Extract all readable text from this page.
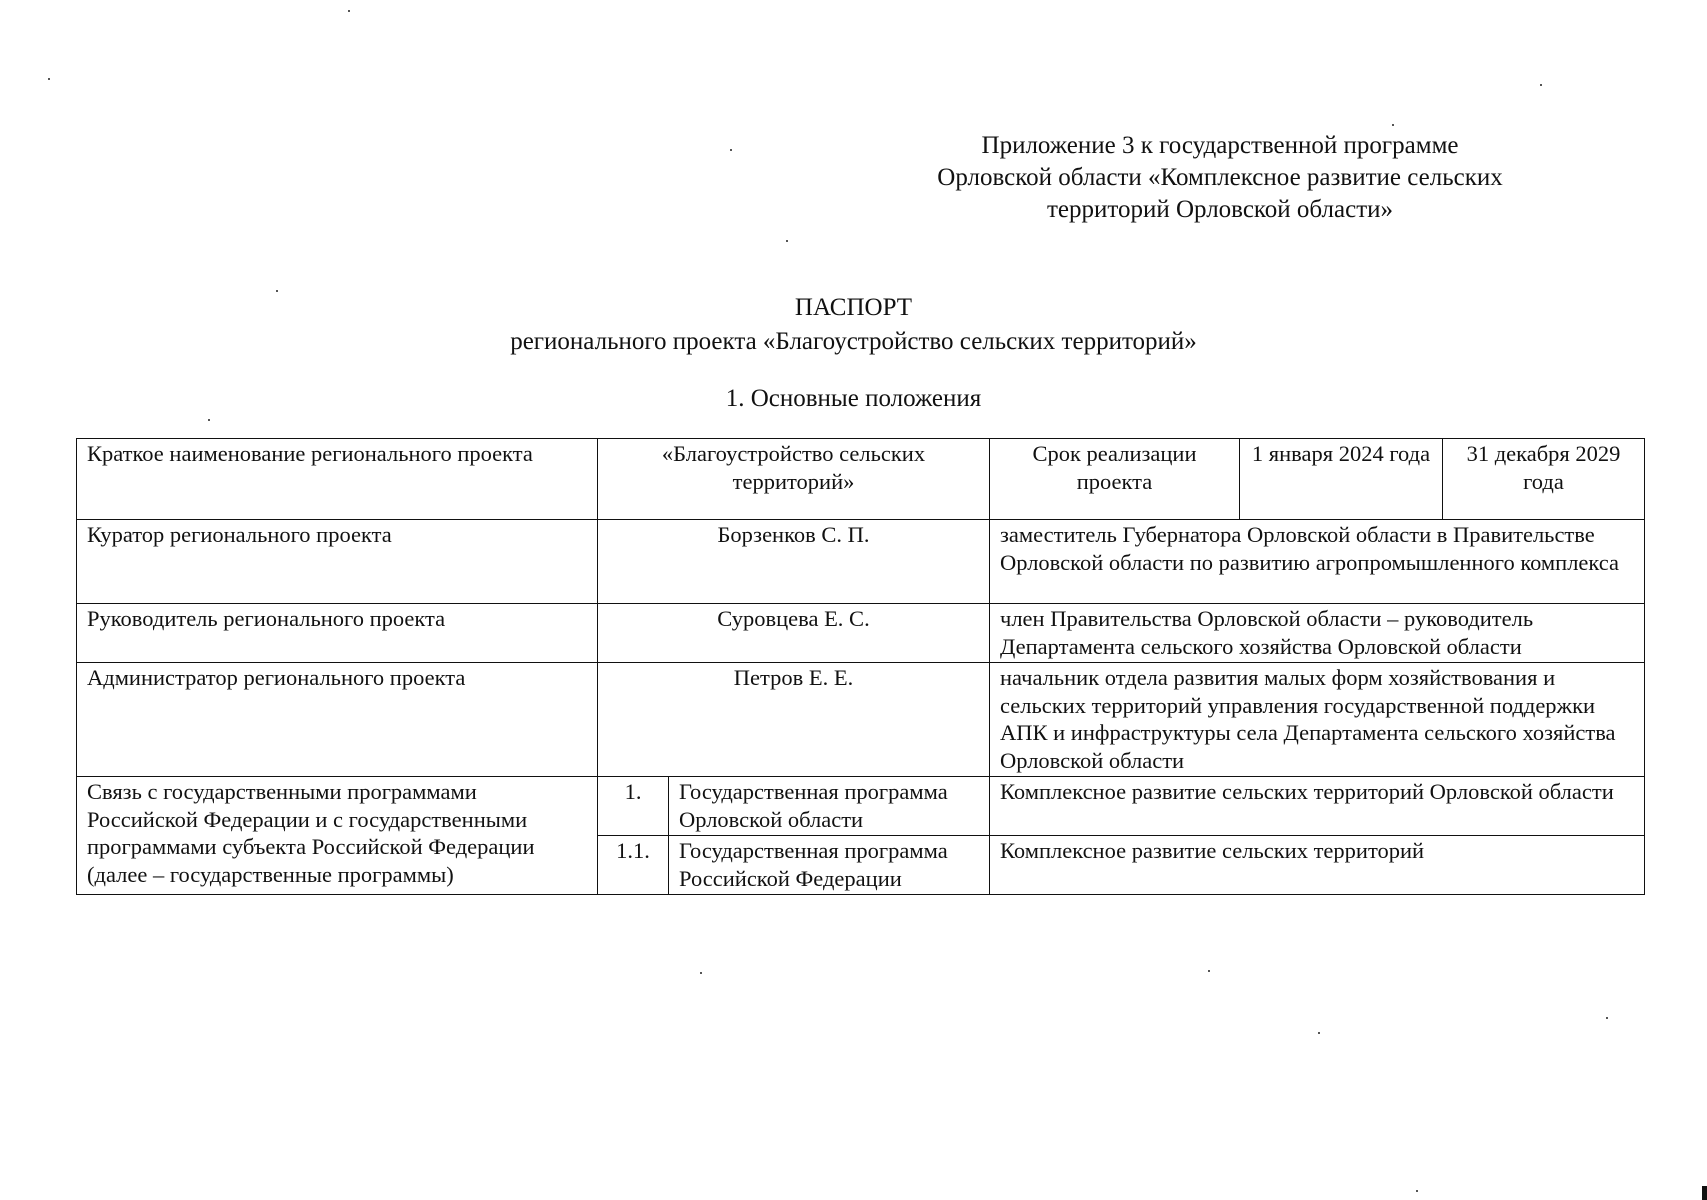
Приложение 3 к государственной программе
Орловской области «Комплексное развитие сельских
территорий Орловской области»
ПАСПОРТ
регионального проекта «Благоустройство сельских территорий»
1. Основные положения
Краткое наименование регионального проекта	«Благоустройство сельских территорий»		Срок реализации проекта	1 января 2024 года	31 декабря 2029 года
Куратор регионального проекта	Борзенков С. П.		заместитель Губернатора Орловской области в Правительстве Орловской области по развитию агропромышленного комплекса		
Руководитель регионального проекта	Суровцева Е. С.		член Правительства Орловской области – руководитель Департамента сельского хозяйства Орловской области		
Администратор регионального проекта	Петров Е. Е.		начальник отдела развития малых форм хозяйствования и сельских территорий управления государственной поддержки АПК и инфраструктуры села Департамента сельского хозяйства Орловской области		
Связь с государственными программами Российской Федерации и с государственными программами субъекта Российской Федерации (далее – государственные программы)	1.	Государственная программа Орловской области	Комплексное развитие сельских территорий Орловской области		
	1.1.	Государственная программа Российской Федерации	Комплексное развитие сельских территорий		
